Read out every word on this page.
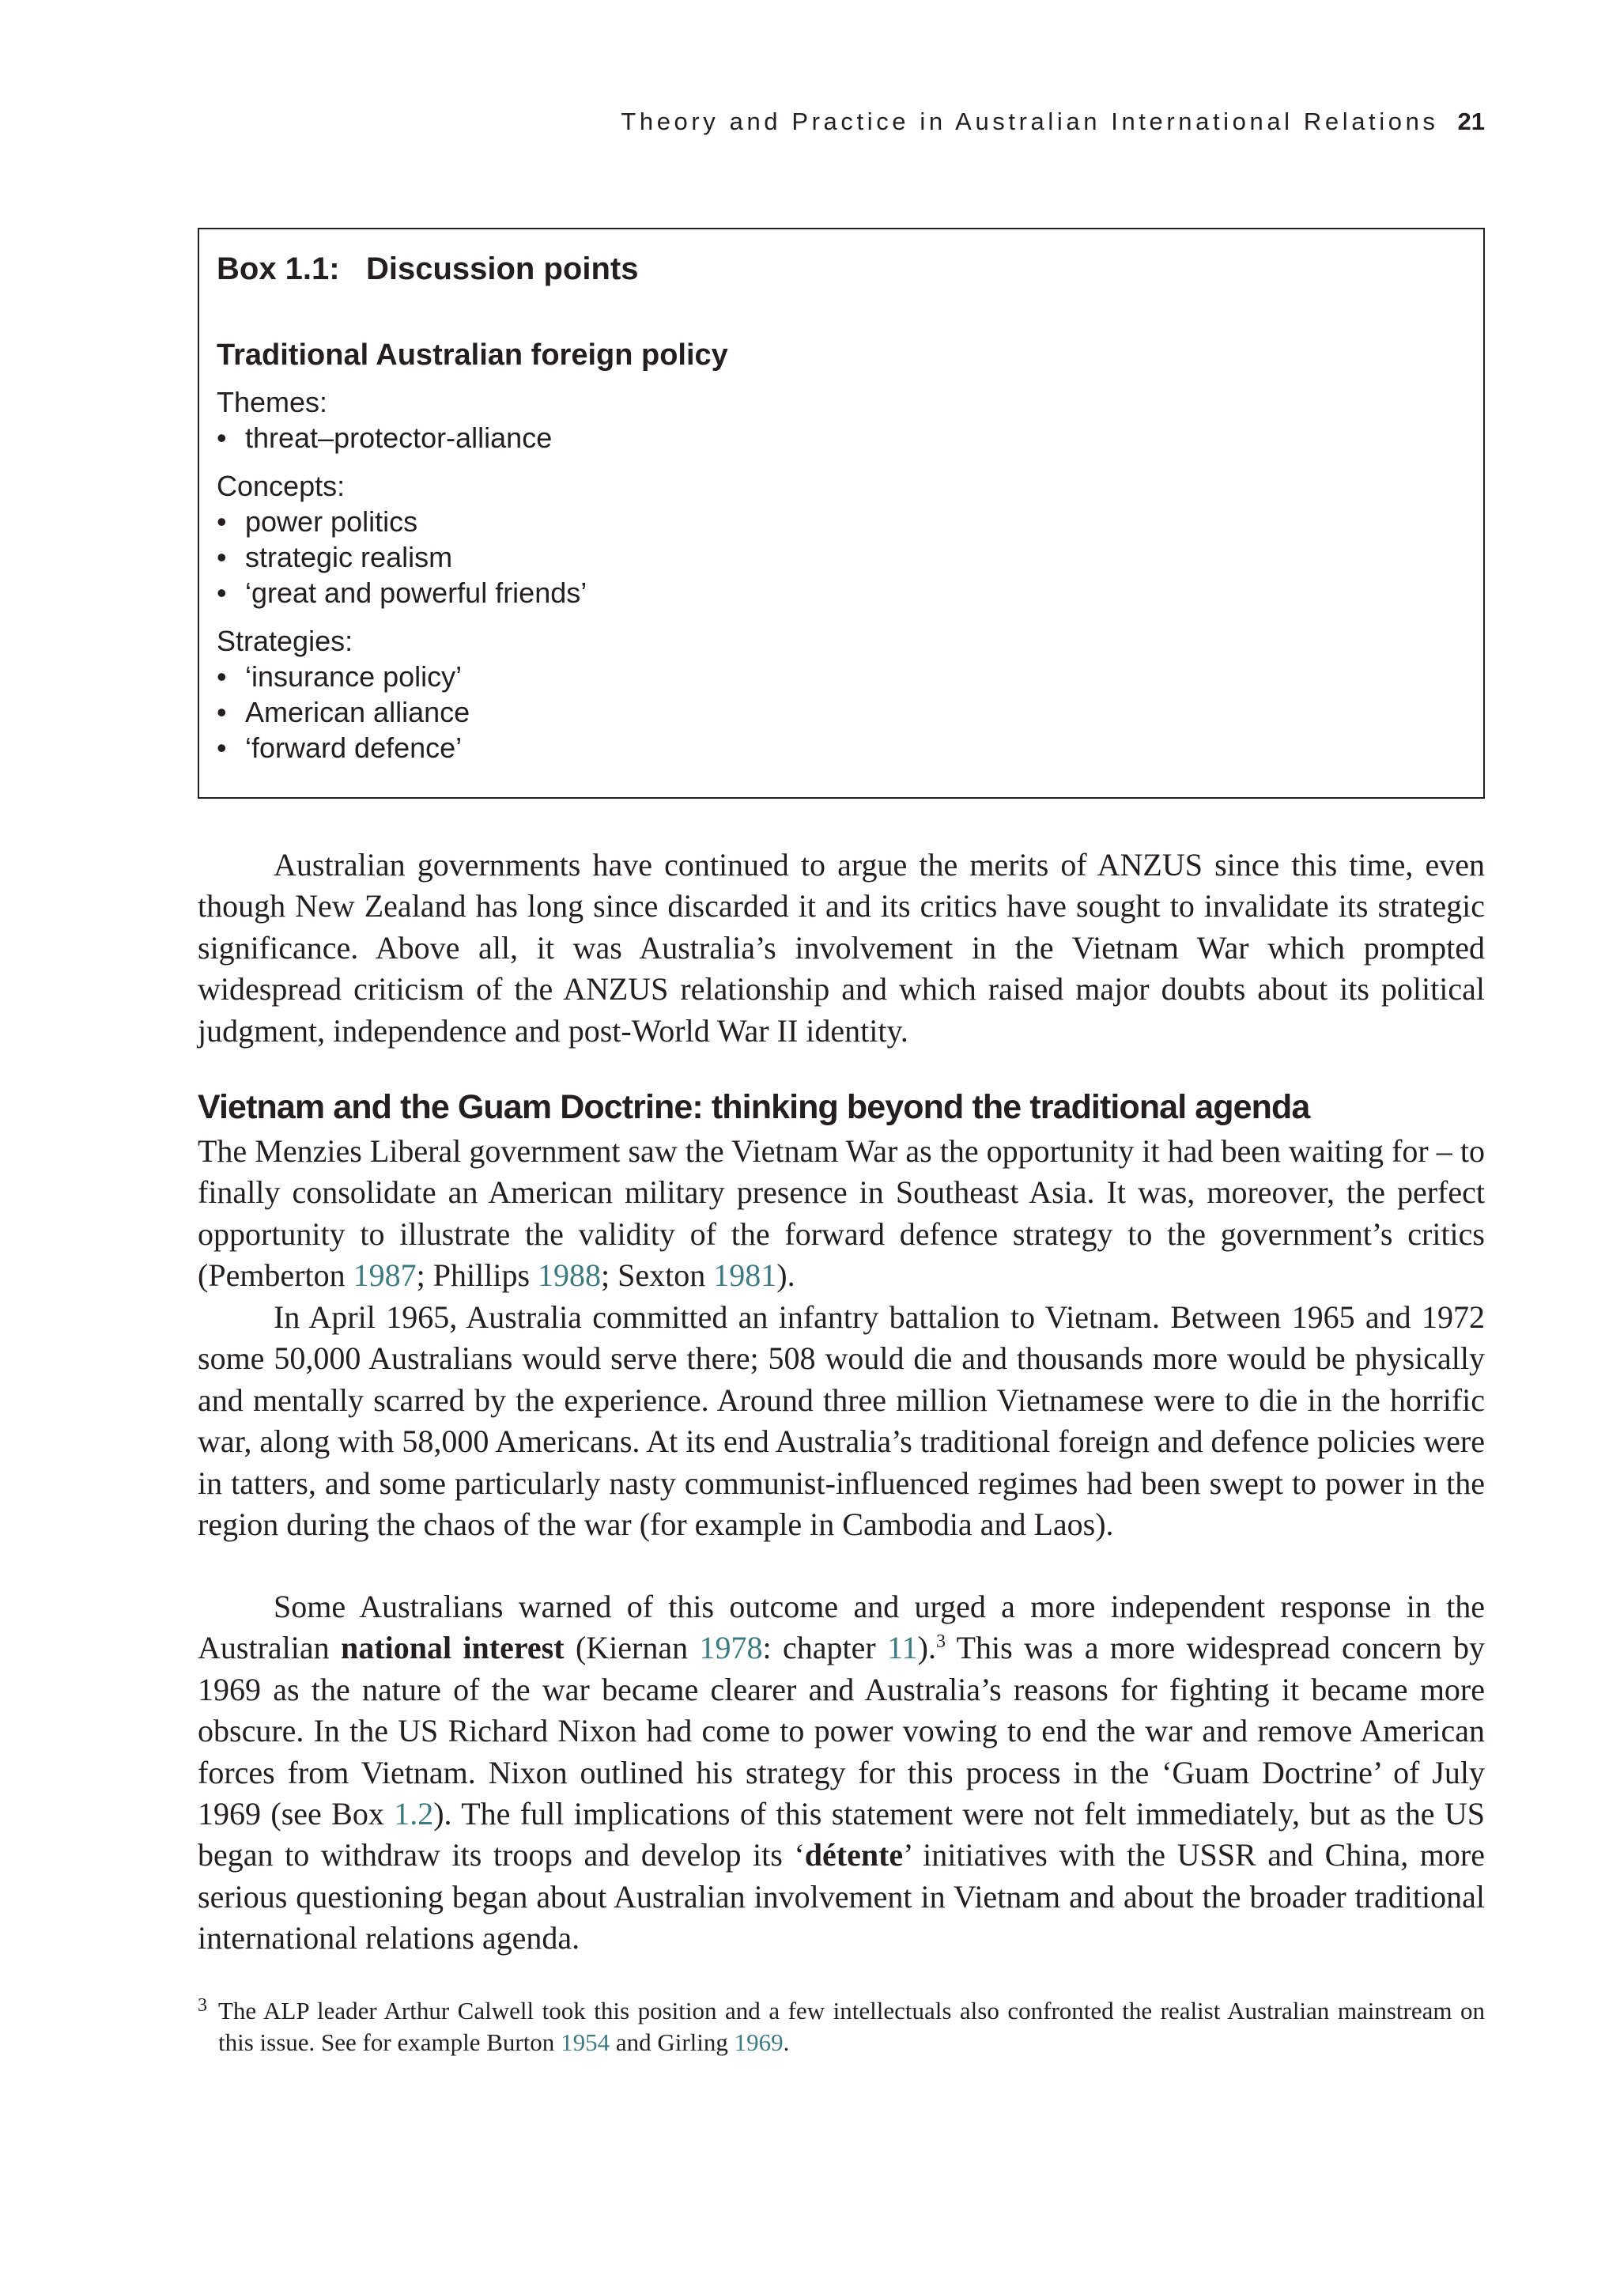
Theory and Practice in Australian International Relations 21

Box 1.1:   Discussion points

Traditional Australian foreign policy

Themes:
• threat–protector-alliance
Concepts:
• power politics
• strategic realism
• ‘great and powerful friends’
Strategies:
• ‘insurance policy’
• American alliance
• ‘forward defence’

Australian governments have continued to argue the merits of ANZUS since this time, even though New Zealand has long since discarded it and its critics have sought to invalidate its strategic significance. Above all, it was Australia’s involvement in the Vietnam War which prompted widespread criticism of the ANZUS relationship and which raised major doubts about its political judgment, independence and post-World War II identity.

Vietnam and the Guam Doctrine: thinking beyond the traditional agenda

The Menzies Liberal government saw the Vietnam War as the opportunity it had been waiting for – to finally consolidate an American military presence in Southeast Asia. It was, moreover, the perfect opportunity to illustrate the validity of the forward defence strategy to the government’s critics (Pemberton 1987; Phillips 1988; Sexton 1981).

In April 1965, Australia committed an infantry battalion to Vietnam. Between 1965 and 1972 some 50,000 Australians would serve there; 508 would die and thousands more would be physically and mentally scarred by the experience. Around three million Vietnamese were to die in the horrific war, along with 58,000 Americans. At its end Australia’s traditional foreign and defence policies were in tatters, and some particularly nasty communist-influenced regimes had been swept to power in the region during the chaos of the war (for example in Cambodia and Laos).

Some Australians warned of this outcome and urged a more independent response in the Australian national interest (Kiernan 1978: chapter 11).$^3$ This was a more widespread concern by 1969 as the nature of the war became clearer and Australia’s reasons for fighting it became more obscure. In the US Richard Nixon had come to power vowing to end the war and remove American forces from Vietnam. Nixon outlined his strategy for this process in the ‘Guam Doctrine’ of July 1969 (see Box 1.2). The full implications of this statement were not felt immediately, but as the US began to withdraw its troops and develop its ‘détente’ initiatives with the USSR and China, more serious questioning began about Australian involvement in Vietnam and about the broader traditional international relations agenda.

3 The ALP leader Arthur Calwell took this position and a few intellectuals also confronted the realist Australian mainstream on this issue. See for example Burton 1954 and Girling 1969.
